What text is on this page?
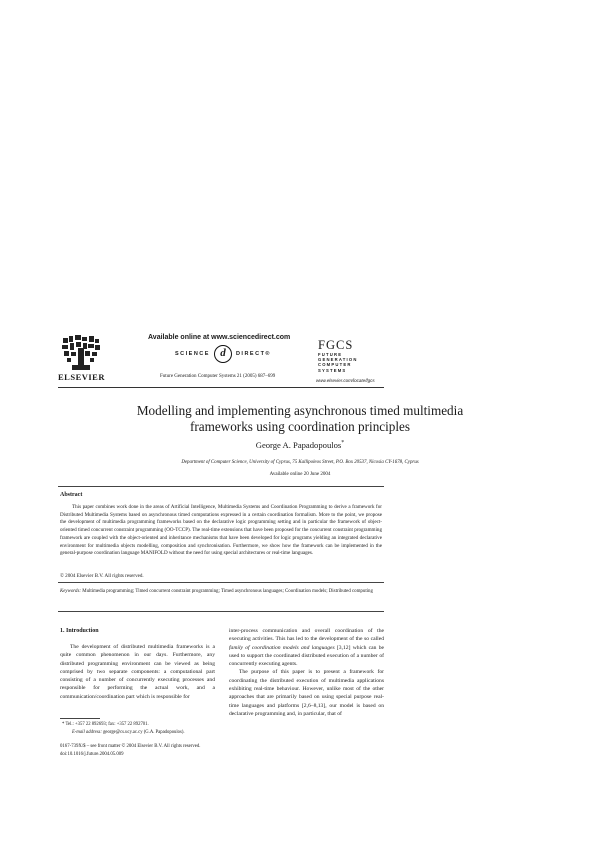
ELSEVIER
Available online at www.sciencedirect.com
SCIENCE d	DIRECT®
Future Generation Computer Systems 21 (2005) 687–699
FGCS
FUTURE
GENERATION
COMPUTER
SYSTEMS
www.elsevier.com/locate/fgcs
Modelling and implementing asynchronous timed multimedia
frameworks using coordination principles
George A. Papadopoulos*
Department of Computer Science, University of Cyprus, 75 Kallipoleos Street, P.O. Box 20537, Nicosia CY-1678, Cyprus
Available online 20 June 2004
Abstract
This paper combines work done in the areas of Artificial Intelligence, Multimedia Systems and Coordination Programming to derive a framework for Distributed Multimedia Systems based on asynchronous timed computations expressed in a certain coordination formalism. More to the point, we propose the development of multimedia programming frameworks based on the declarative logic programming setting and in particular the framework of object-oriented timed concurrent constraint programming (OO-TCCP). The real-time extensions that have been proposed for the concurrent constraint programming framework are coupled with the object-oriented and inheritance mechanisms that have been developed for logic programs yielding an integrated declarative environment for multimedia objects modelling, composition and synchronisation. Furthermore, we show how the framework can be implemented in the general-purpose coordination language MANIFOLD without the need for using special architectures or real-time languages.
© 2004 Elsevier B.V. All rights reserved.
Keywords: Multimedia programming; Timed concurrent constraint programming; Timed asynchronous languages; Coordination models; Distributed computing
1. Introduction
The development of distributed multimedia frameworks is a quite common phenomenon in our days. Furthermore, any distributed programming environment can be viewed as being comprised by two separate components: a computational part consisting of a number of concurrently executing processes and responsible for performing the actual work, and a communication/coordination part which is responsible for

inter-process communication and overall coordination of the executing activities. This has led to the development of the so called family of coordination models and languages [3,12] which can be used to support the coordinated distributed execution of a number of concurrently executing agents.

The purpose of this paper is to present a framework for coordinating the distributed execution of multimedia applications exhibiting real-time behaviour. However, unlike most of the other approaches that are primarily based on using special purpose real-time languages and platforms [2,6–8,13], our model is based on declarative programming and, in particular, that of

* Tel.: +357 22 892693; fax: +357 22 892701.
E-mail address: george@cs.ucy.ac.cy (G.A. Papadopoulos).
0167-739X/$ – see front matter © 2004 Elsevier B.V. All rights reserved.
doi:10.1016/j.future.2004.05.009
